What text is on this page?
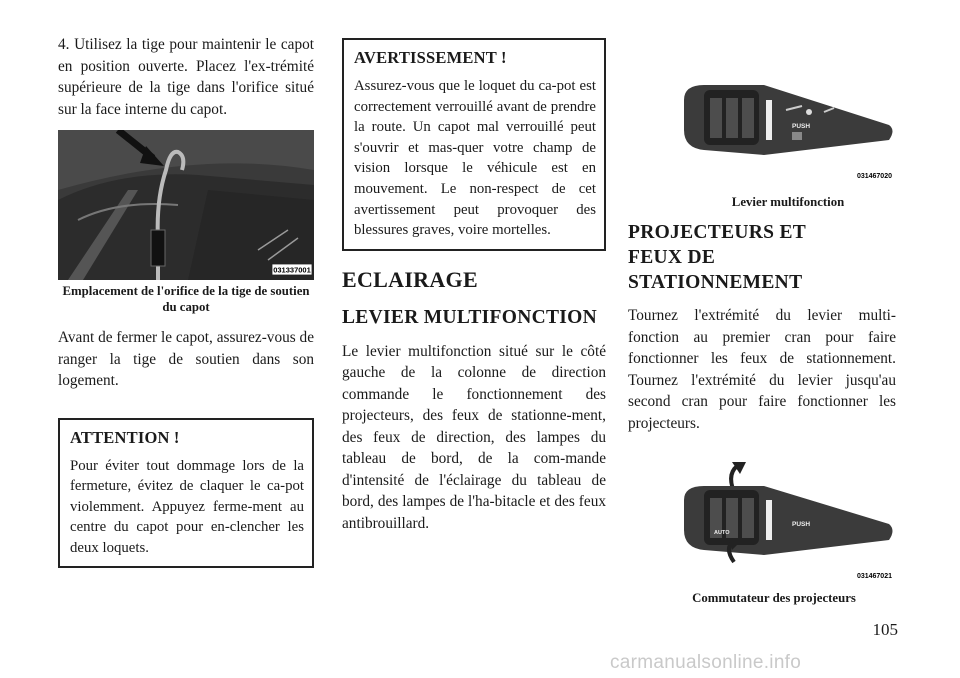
4. Utilisez la tige pour maintenir le capot en position ouverte. Placez l'ex-trémité supérieure de la tige dans l'orifice situé sur la face interne du capot.

031337001

Emplacement de l'orifice de la tige de soutien du capot

Avant de fermer le capot, assurez-vous de ranger la tige de soutien dans son logement.

ATTENTION !

Pour éviter tout dommage lors de la fermeture, évitez de claquer le ca-pot violemment. Appuyez ferme-ment au centre du capot pour en-clencher les deux loquets.

AVERTISSEMENT !

Assurez-vous que le loquet du ca-pot est correctement verrouillé avant de prendre la route. Un capot mal verrouillé peut s'ouvrir et mas-quer votre champ de vision lorsque le véhicule est en mouvement. Le non-respect de cet avertissement peut provoquer des blessures graves, voire mortelles.

ECLAIRAGE
LEVIER MULTIFONCTION

Le levier multifonction situé sur le côté gauche de la colonne de direction commande le fonctionnement des projecteurs, des feux de stationne-ment, des feux de direction, des lampes du tableau de bord, de la com-mande d'intensité de l'éclairage du tableau de bord, des lampes de l'ha-bitacle et des feux antibrouillard.

PUSH
031467020

Levier multifonction

PROJECTEURS ET FEUX DE STATIONNEMENT

Tournez l'extrémité du levier multi-fonction au premier cran pour faire fonctionner les feux de stationnement. Tournez l'extrémité du levier jusqu'au second cran pour faire fonctionner les projecteurs.

PUSH
AUTO
031467021

Commutateur des projecteurs

105
carmanualsonline.info
